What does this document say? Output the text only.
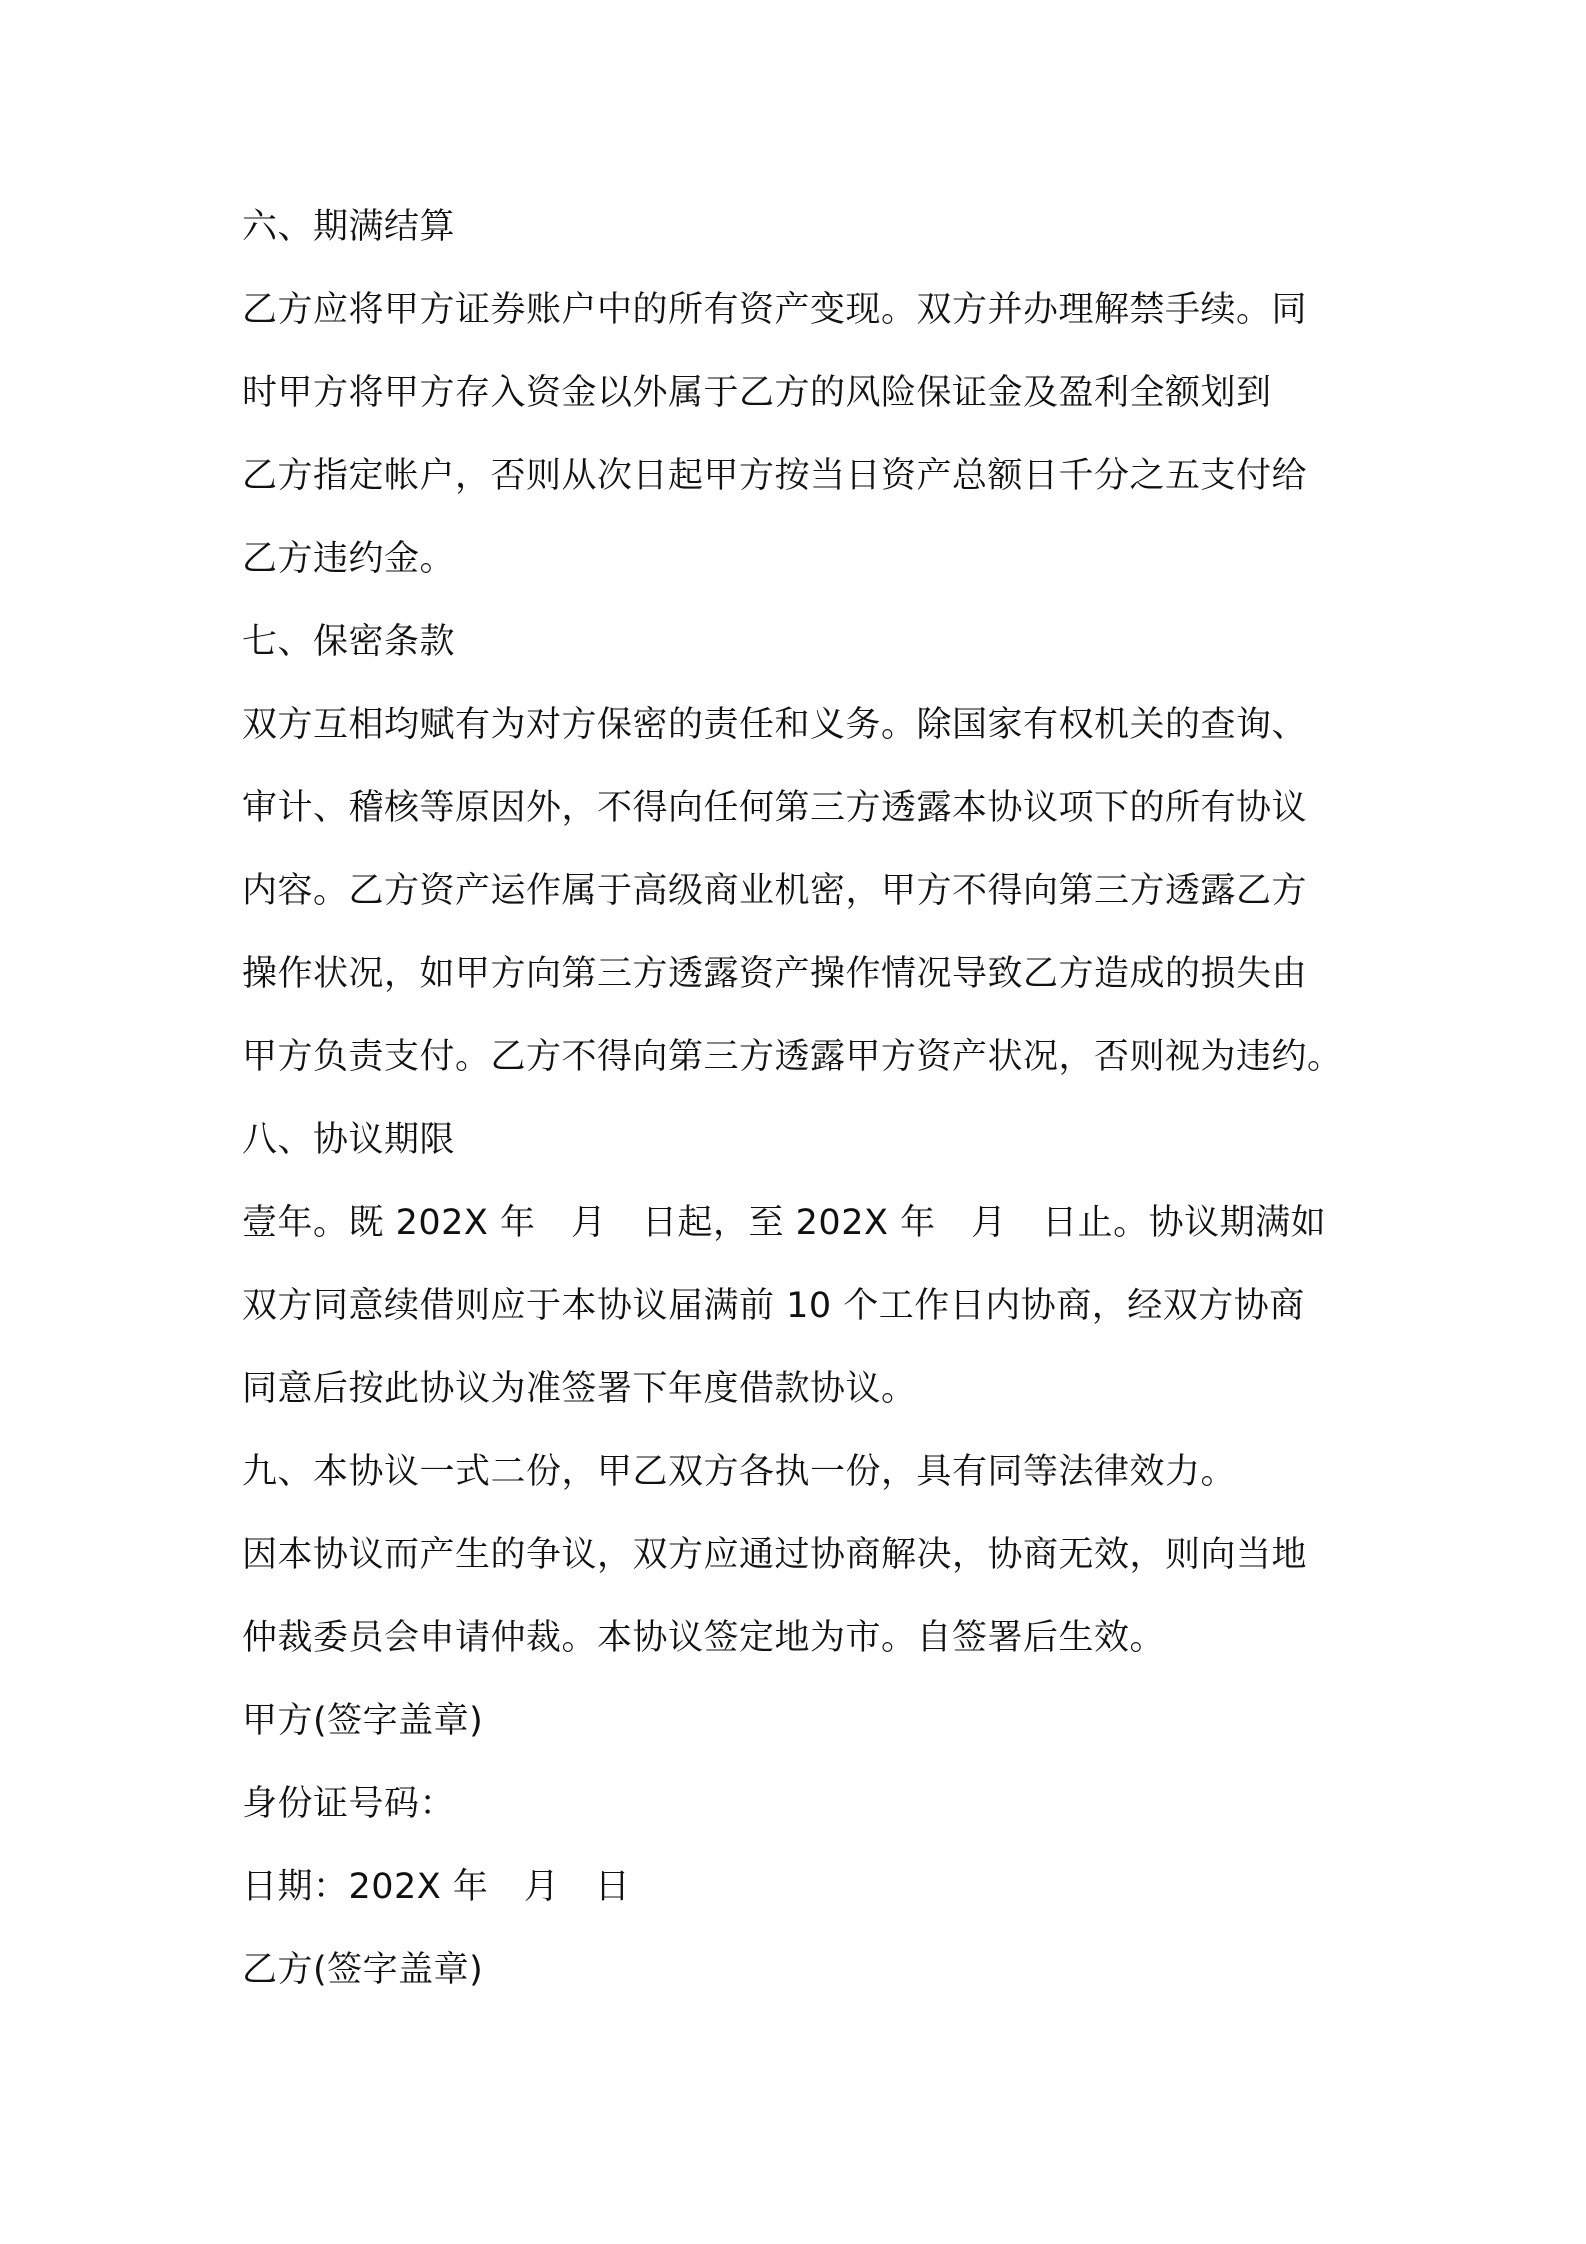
六、期满结算
乙方应将甲方证券账户中的所有资产变现。双方并办理解禁手续。同
时甲方将甲方存入资金以外属于乙方的风险保证金及盈利全额划到
乙方指定帐户，否则从次日起甲方按当日资产总额日千分之五支付给
乙方违约金。
七、保密条款
双方互相均赋有为对方保密的责任和义务。除国家有权机关的查询、
审计、稽核等原因外，不得向任何第三方透露本协议项下的所有协议
内容。乙方资产运作属于高级商业机密，甲方不得向第三方透露乙方
操作状况，如甲方向第三方透露资产操作情况导致乙方造成的损失由
甲方负责支付。乙方不得向第三方透露甲方资产状况，否则视为违约。
八、协议期限
壹年。既 202X 年　月　日起，至 202X 年　月　日止。协议期满如
双方同意续借则应于本协议届满前 10 个工作日内协商，经双方协商
同意后按此协议为准签署下年度借款协议。
九、本协议一式二份，甲乙双方各执一份，具有同等法律效力。
因本协议而产生的争议，双方应通过协商解决，协商无效，则向当地
仲裁委员会申请仲裁。本协议签定地为市。自签署后生效。
甲方(签字盖章)
身份证号码：
日期：202X 年　月　日
乙方(签字盖章)
